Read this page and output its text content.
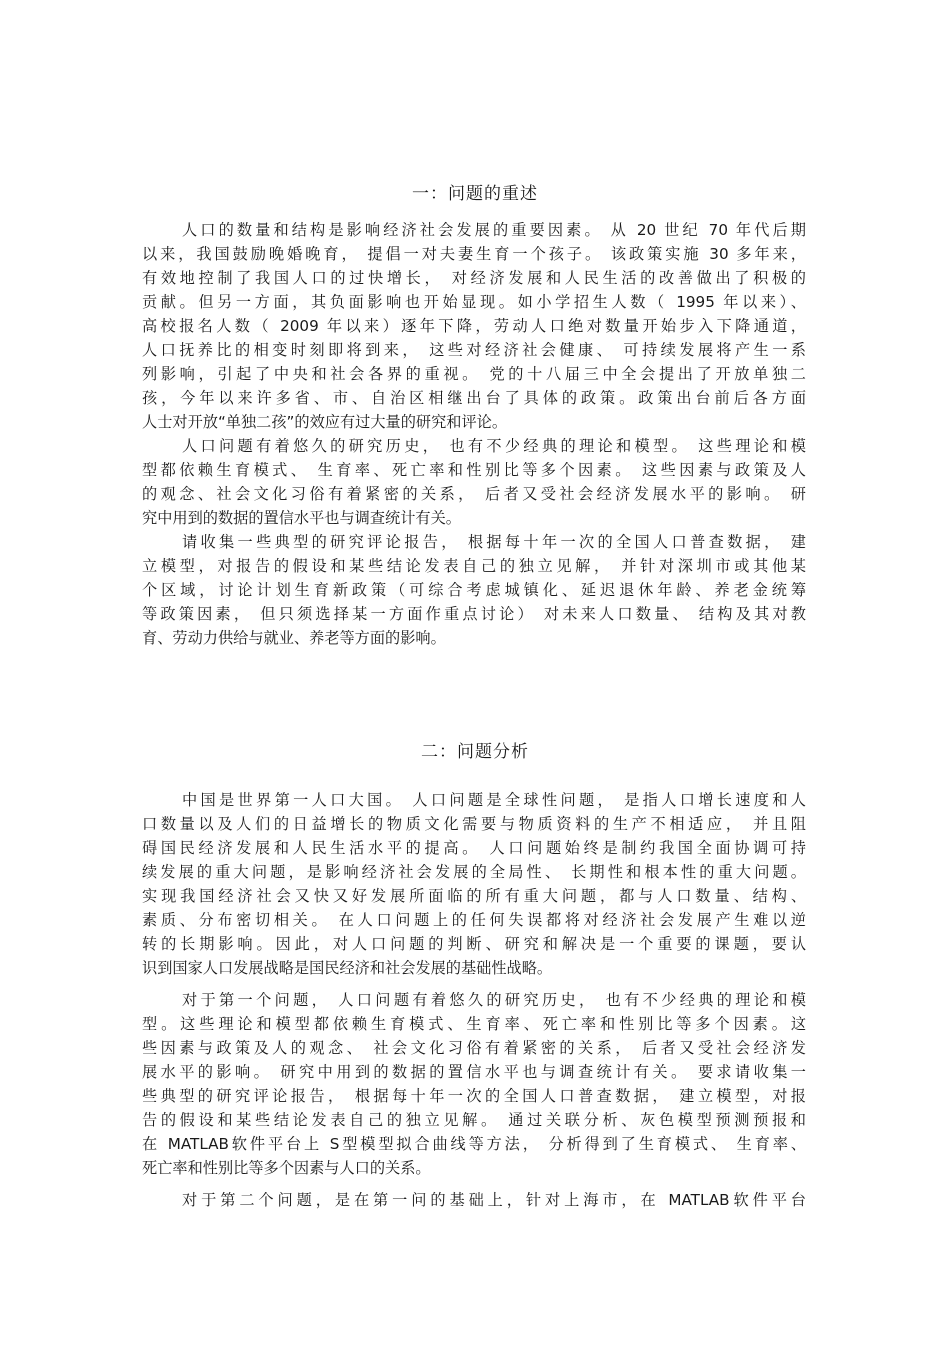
一：问题的重述
人口的数量和结构是影响经济社会发展的重要因素。 从 20 世纪 70 年代后期
以来，我国鼓励晚婚晚育， 提倡一对夫妻生育一个孩子。 该政策实施 30 多年来，
有效地控制了我国人口的过快增长， 对经济发展和人民生活的改善做出了积极的
贡献。但另一方面，其负面影响也开始显现。如小学招生人数（ 1995 年以来）、
高校报名人数（ 2009 年以来）逐年下降，劳动人口绝对数量开始步入下降通道，
人口抚养比的相变时刻即将到来， 这些对经济社会健康、 可持续发展将产生一系
列影响，引起了中央和社会各界的重视。 党的十八届三中全会提出了开放单独二
孩，今年以来许多省、市、自治区相继出台了具体的政策。政策出台前后各方面
人士对开放“单独二孩”的效应有过大量的研究和评论。
人口问题有着悠久的研究历史， 也有不少经典的理论和模型。 这些理论和模
型都依赖生育模式、 生育率、死亡率和性别比等多个因素。 这些因素与政策及人
的观念、社会文化习俗有着紧密的关系， 后者又受社会经济发展水平的影响。 研
究中用到的数据的置信水平也与调查统计有关。
请收集一些典型的研究评论报告， 根据每十年一次的全国人口普查数据， 建
立模型，对报告的假设和某些结论发表自己的独立见解， 并针对深圳市或其他某
个区域，讨论计划生育新政策（可综合考虑城镇化、延迟退休年龄、养老金统筹
等政策因素， 但只须选择某一方面作重点讨论） 对未来人口数量、 结构及其对教
育、劳动力供给与就业、养老等方面的影响。
二：问题分析
中国是世界第一人口大国。 人口问题是全球性问题， 是指人口增长速度和人
口数量以及人们的日益增长的物质文化需要与物质资料的生产不相适应， 并且阻
碍国民经济发展和人民生活水平的提高。 人口问题始终是制约我国全面协调可持
续发展的重大问题，是影响经济社会发展的全局性、 长期性和根本性的重大问题。
实现我国经济社会又快又好发展所面临的所有重大问题，都与人口数量、结构、
素质、分布密切相关。 在人口问题上的任何失误都将对经济社会发展产生难以逆
转的长期影响。因此，对人口问题的判断、研究和解决是一个重要的课题，要认
识到国家人口发展战略是国民经济和社会发展的基础性战略。
对于第一个问题， 人口问题有着悠久的研究历史， 也有不少经典的理论和模
型。这些理论和模型都依赖生育模式、生育率、死亡率和性别比等多个因素。这
些因素与政策及人的观念、 社会文化习俗有着紧密的关系， 后者又受社会经济发
展水平的影响。 研究中用到的数据的置信水平也与调查统计有关。 要求请收集一
些典型的研究评论报告， 根据每十年一次的全国人口普查数据， 建立模型，对报
告的假设和某些结论发表自己的独立见解。 通过关联分析、灰色模型预测预报和
在 MATLAB软件平台上 S型模型拟合曲线等方法， 分析得到了生育模式、 生育率、
死亡率和性别比等多个因素与人口的关系。
对于第二个问题，是在第一问的基础上，针对上海市，在 MATLAB软件平台
